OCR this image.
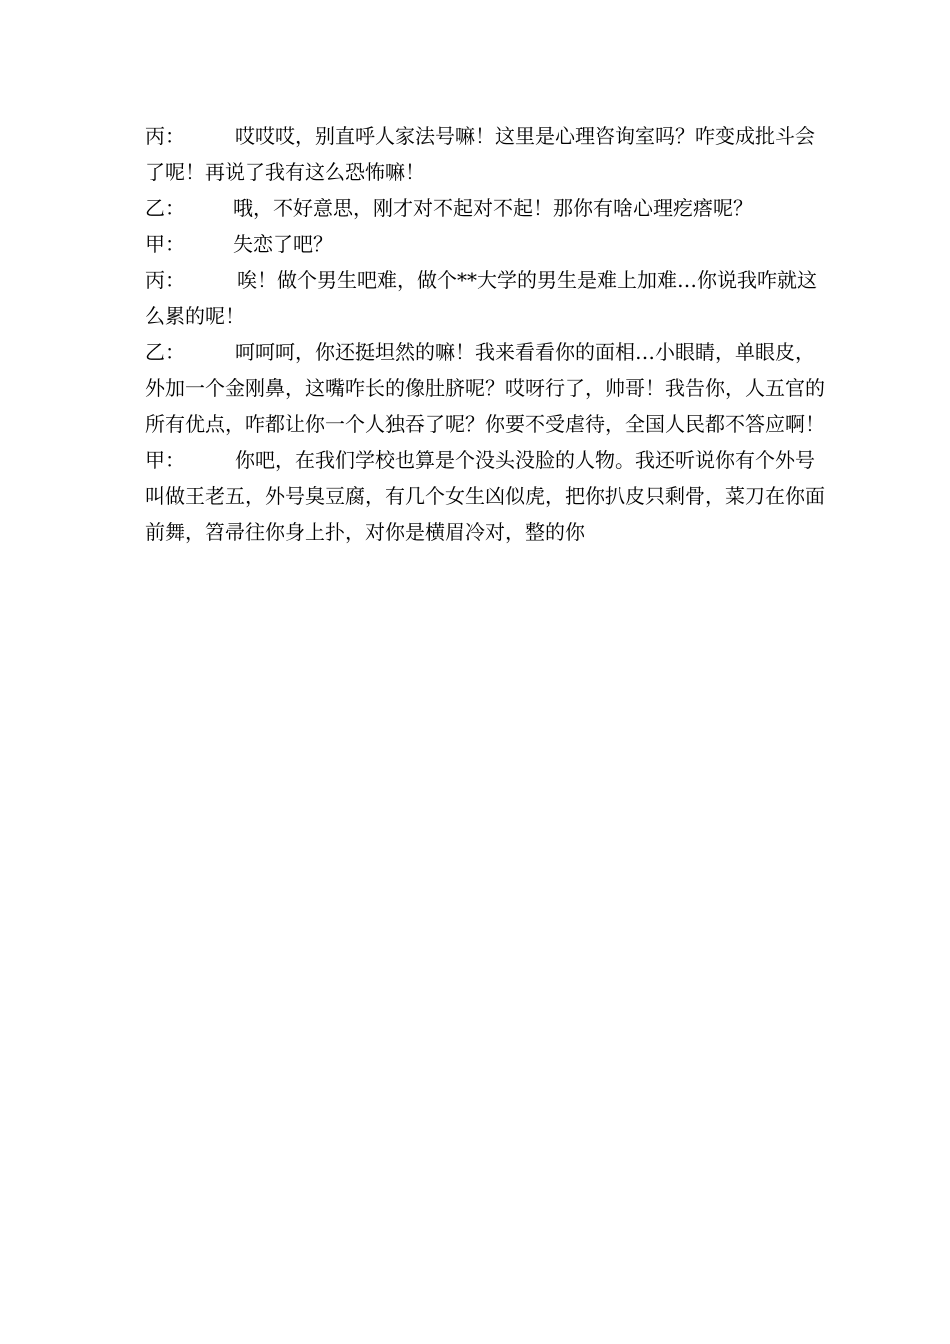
丙：	哎哎哎，别直呼人家法号嘛！这里是心理咨询室吗？咋变成批斗会了呢！再说了我有这么恐怖嘛！

乙： 哦，不好意思，刚才对不起对不起！那你有啥心理疙瘩呢？

甲： 失恋了吧？

丙：	唉！做个男生吧难，做个**大学的男生是难上加难…你说我咋就这么累的呢！

乙：	呵呵呵，你还挺坦然的嘛！我来看看你的面相…小眼睛，单眼皮，外加一个金刚鼻，这嘴咋长的像肚脐呢？哎呀行了，帅哥！我告你，人五官的所有优点，咋都让你一个人独吞了呢？你要不受虐待，全国人民都不答应啊！

甲：	你吧，在我们学校也算是个没头没脸的人物。我还听说你有个外号叫做王老五，外号臭豆腐，有几个女生凶似虎，把你扒皮只剩骨，菜刀在你面前舞，笤帚往你身上扑，对你是横眉冷对，整的你
